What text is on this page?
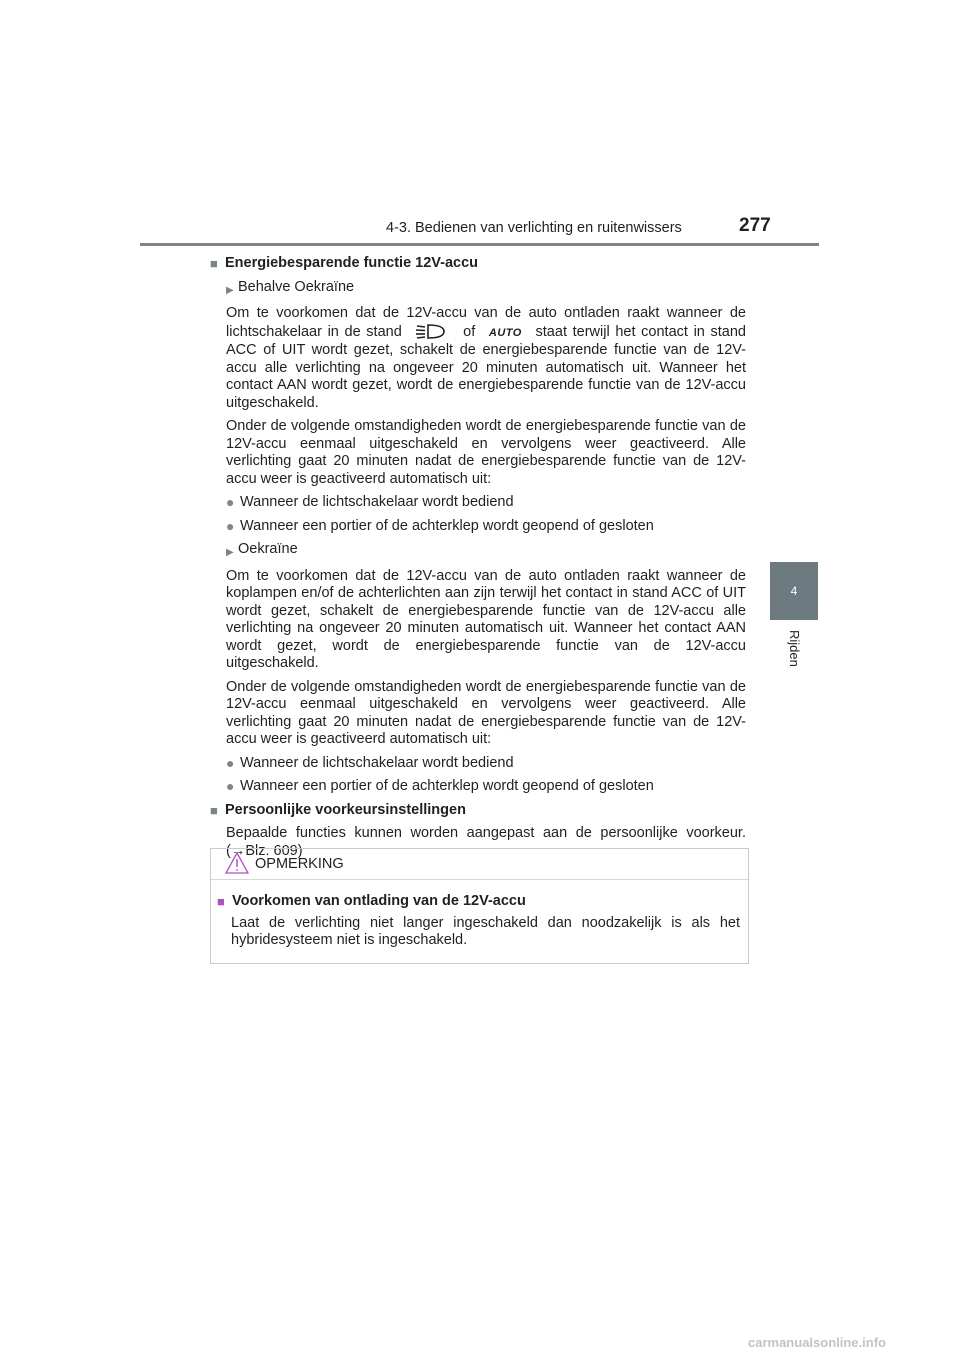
4-3. Bedienen van verlichting en ruitenwissers	277
4
Rijden
■ Energiebesparende functie 12V-accu
▶ Behalve Oekraïne
Om te voorkomen dat de 12V-accu van de auto ontladen raakt wanneer de lichtschakelaar in de stand	of AUTO staat terwijl het contact in stand ACC of UIT wordt gezet, schakelt de energiebesparende functie van de 12V-accu alle verlichting na ongeveer 20 minuten automatisch uit. Wanneer het contact AAN wordt gezet, wordt de energiebesparende functie van de 12V-accu uitgeschakeld.
Onder de volgende omstandigheden wordt de energiebesparende functie van de 12V-accu eenmaal uitgeschakeld en vervolgens weer geactiveerd. Alle verlichting gaat 20 minuten nadat de energiebesparende functie van de 12V-accu weer is geactiveerd automatisch uit:
● Wanneer de lichtschakelaar wordt bediend
● Wanneer een portier of de achterklep wordt geopend of gesloten
▶ Oekraïne
Om te voorkomen dat de 12V-accu van de auto ontladen raakt wanneer de koplampen en/of de achterlichten aan zijn terwijl het contact in stand ACC of UIT wordt gezet, schakelt de energiebesparende functie van de 12V-accu alle verlichting na ongeveer 20 minuten automatisch uit. Wanneer het contact AAN wordt gezet, wordt de energiebesparende functie van de 12V-accu uitgeschakeld.
Onder de volgende omstandigheden wordt de energiebesparende functie van de 12V-accu eenmaal uitgeschakeld en vervolgens weer geactiveerd. Alle verlichting gaat 20 minuten nadat de energiebesparende functie van de 12V-accu weer is geactiveerd automatisch uit:
● Wanneer de lichtschakelaar wordt bediend
● Wanneer een portier of de achterklep wordt geopend of gesloten
■ Persoonlijke voorkeursinstellingen
Bepaalde functies kunnen worden aangepast aan de persoonlijke voorkeur. (→Blz. 609)
OPMERKING
■ Voorkomen van ontlading van de 12V-accu
Laat de verlichting niet langer ingeschakeld dan noodzakelijk is als het hybridesysteem niet is ingeschakeld.
carmanualsonline.info
